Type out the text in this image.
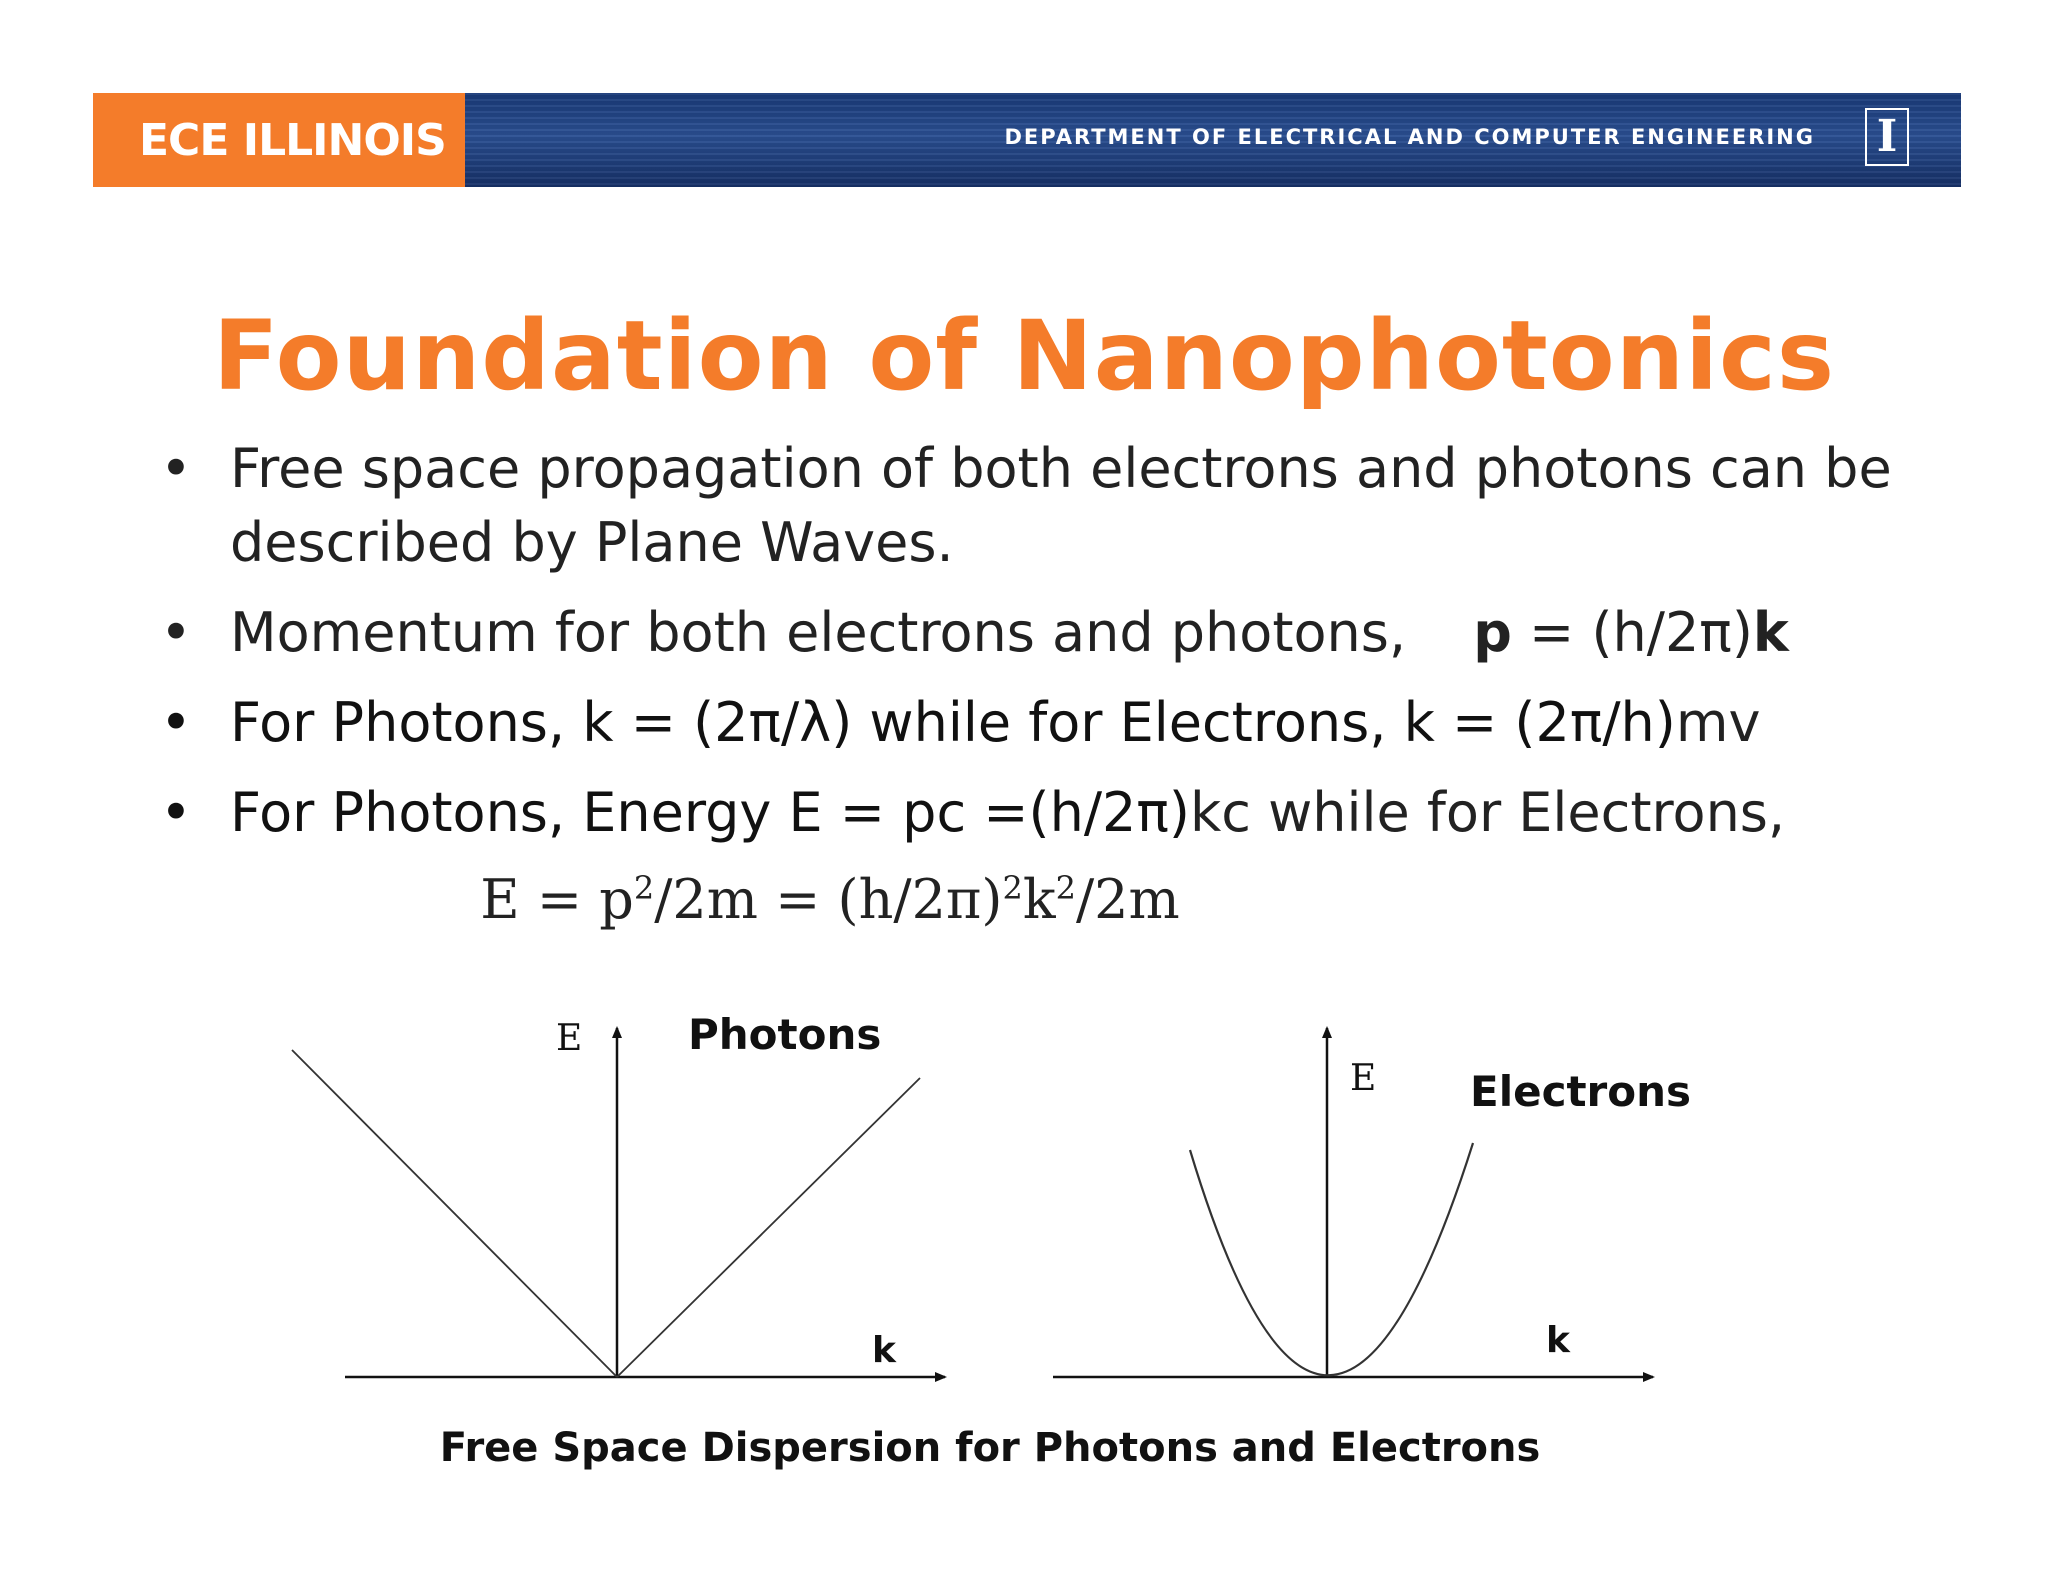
ECE ILLINOIS	DEPARTMENT OF ELECTRICAL AND COMPUTER ENGINEERING I
Foundation of Nanophotonics
• Free space propagation of both electrons and photons can be described by Plane Waves.
• Momentum for both electrons and photons, p = (h/2π)k
• For Photons, k = (2π/λ) while for Electrons, k = (2π/h)mv
• For Photons, Energy E = pc =(h/2π)kc while for Electrons,
$E = p^2/2m = (h/2\pi)^2k^2/2m$
E	Photons
k
E Electrons
k
Free Space Dispersion for Photons and Electrons
